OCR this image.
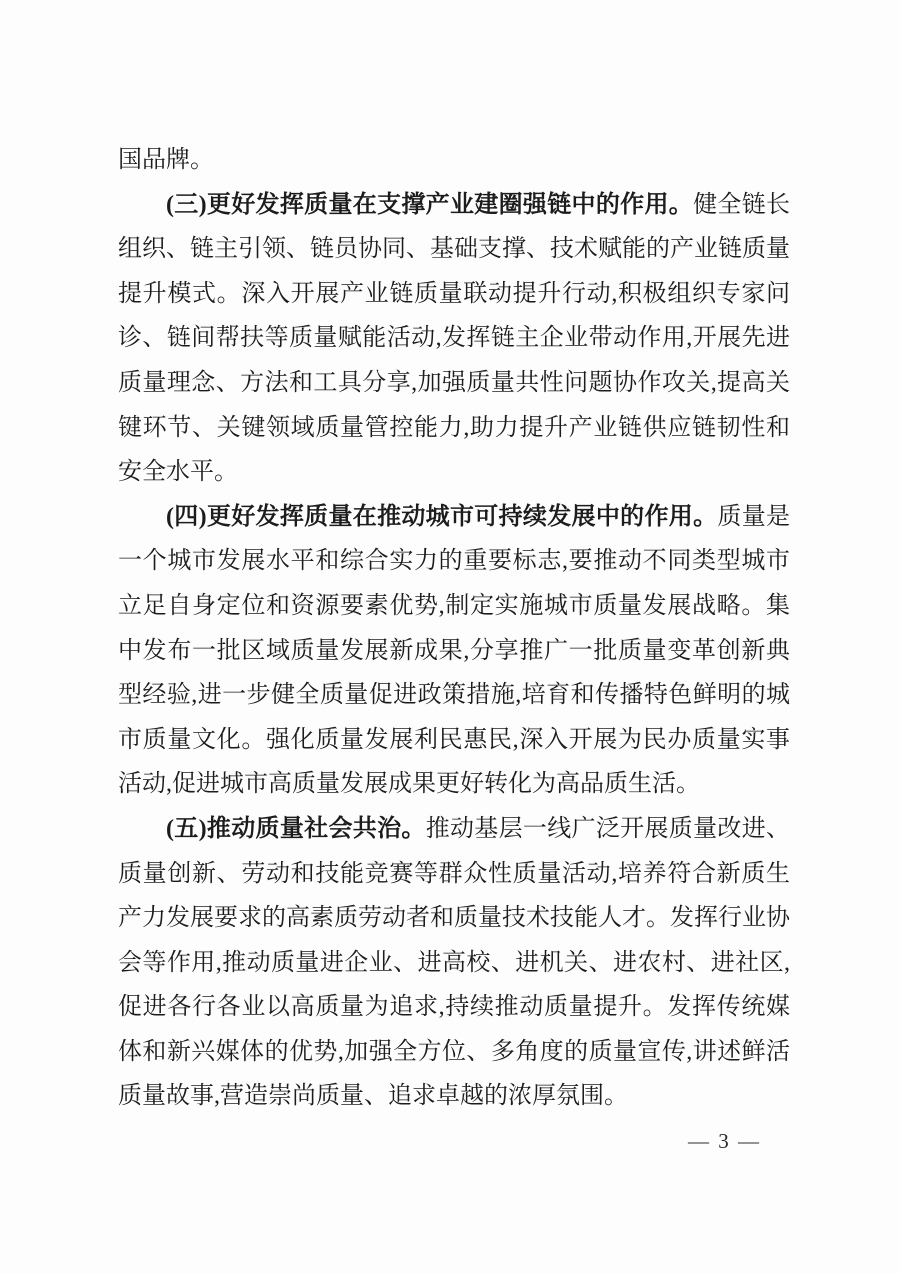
国品牌。

(三)更好发挥质量在支撑产业建圈强链中的作用。健全链长组织、链主引领、链员协同、基础支撑、技术赋能的产业链质量提升模式。深入开展产业链质量联动提升行动,积极组织专家问诊、链间帮扶等质量赋能活动,发挥链主企业带动作用,开展先进质量理念、方法和工具分享,加强质量共性问题协作攻关,提高关键环节、关键领域质量管控能力,助力提升产业链供应链韧性和安全水平。

(四)更好发挥质量在推动城市可持续发展中的作用。质量是一个城市发展水平和综合实力的重要标志,要推动不同类型城市立足自身定位和资源要素优势,制定实施城市质量发展战略。集中发布一批区域质量发展新成果,分享推广一批质量变革创新典型经验,进一步健全质量促进政策措施,培育和传播特色鲜明的城市质量文化。强化质量发展利民惠民,深入开展为民办质量实事活动,促进城市高质量发展成果更好转化为高品质生活。

(五)推动质量社会共治。推动基层一线广泛开展质量改进、质量创新、劳动和技能竞赛等群众性质量活动,培养符合新质生产力发展要求的高素质劳动者和质量技术技能人才。发挥行业协会等作用,推动质量进企业、进高校、进机关、进农村、进社区,促进各行各业以高质量为追求,持续推动质量提升。发挥传统媒体和新兴媒体的优势,加强全方位、多角度的质量宣传,讲述鲜活质量故事,营造崇尚质量、追求卓越的浓厚氛围。

— 3 —
